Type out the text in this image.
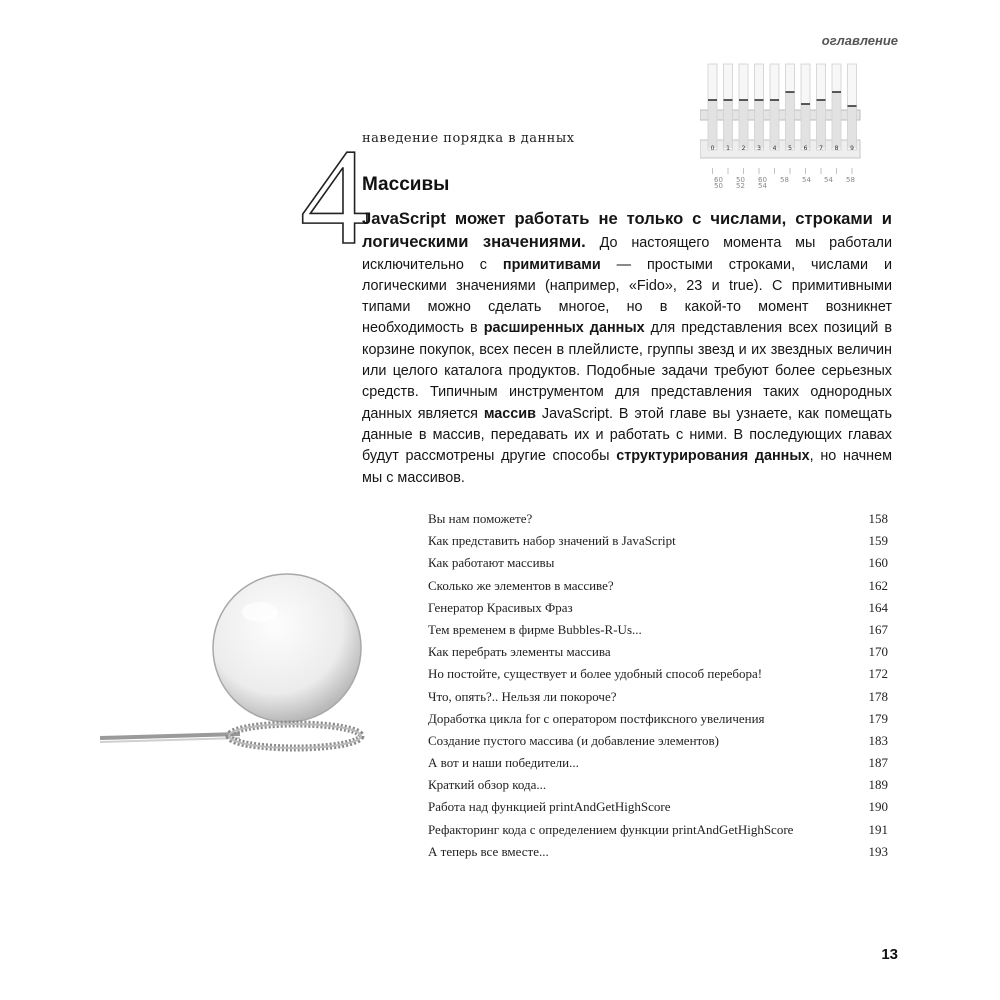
оглавление
0 1 2 3 4 5 6 7 8 9
60 50 60 58 54 54 58
50 52 54
4
наведение порядка в данных
Массивы
JavaScript может работать не только с числами, строками и логическими значениями. До настоящего момента мы работали исключительно с примитивами — простыми строками, числами и логическими значениями (например, «Fido», 23 и true). С примитивными типами можно сделать многое, но в какой-то момент возникнет необходимость в расширенных данных для представления всех позиций в корзине покупок, всех песен в плейлисте, группы звезд и их звездных величин или целого каталога продуктов. Подобные задачи требуют более серьезных средств. Типичным инструментом для представления таких однородных данных является массив JavaScript. В этой главе вы узнаете, как помещать данные в массив, передавать их и работать с ними. В последующих главах будут рассмотрены другие способы структурирования данных, но начнем мы с массивов.
Вы нам поможете?	158
Как представить набор значений в JavaScript	159
Как работают массивы	160
Сколько же элементов в массиве?	162
Генератор Красивых Фраз	164
Тем временем в фирме Bubbles-R-Us...	167
Как перебрать элементы массива	170
Но постойте, существует и более удобный способ перебора!	172
Что, опять?.. Нельзя ли покороче?	178
Доработка цикла for с оператором постфиксного увеличения	179
Создание пустого массива (и добавление элементов)	183
А вот и наши победители...	187
Краткий обзор кода...	189
Работа над функцией printAndGetHighScore	190
Рефакторинг кода с определением функции printAndGetHighScore	191
А теперь все вместе...	193
13
